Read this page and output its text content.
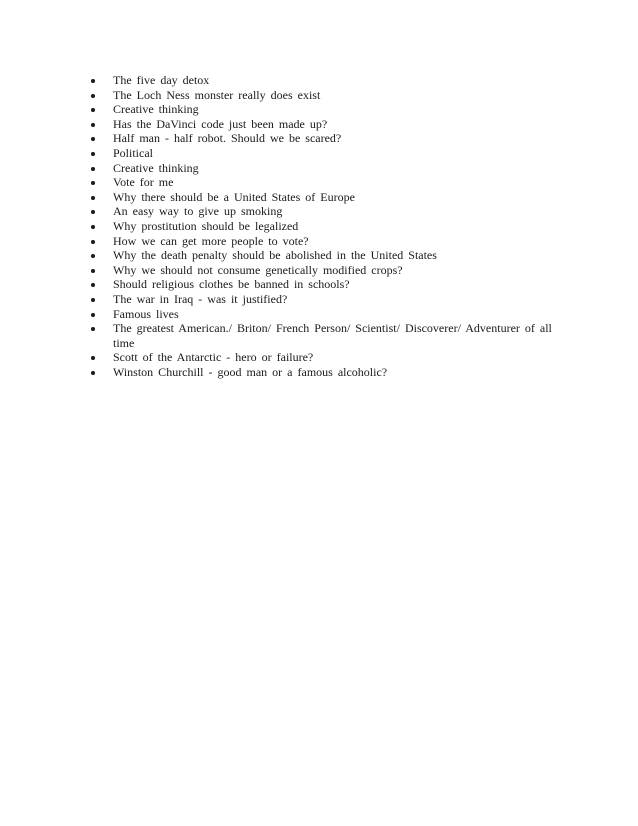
The five day detox
The Loch Ness monster really does exist
Creative thinking
Has the DaVinci code just been made up?
Half man - half robot. Should we be scared?
Political
Creative thinking
Vote for me
Why there should be a United States of Europe
An easy way to give up smoking
Why prostitution should be legalized
How we can get more people to vote?
Why the death penalty should be abolished in the United States
Why we should not consume genetically modified crops?
Should religious clothes be banned in schools?
The war in Iraq - was it justified?
Famous lives
The greatest American./ Briton/ French Person/ Scientist/ Discoverer/ Adventurer of all time
Scott of the Antarctic - hero or failure?
Winston Churchill - good man or a famous alcoholic?
